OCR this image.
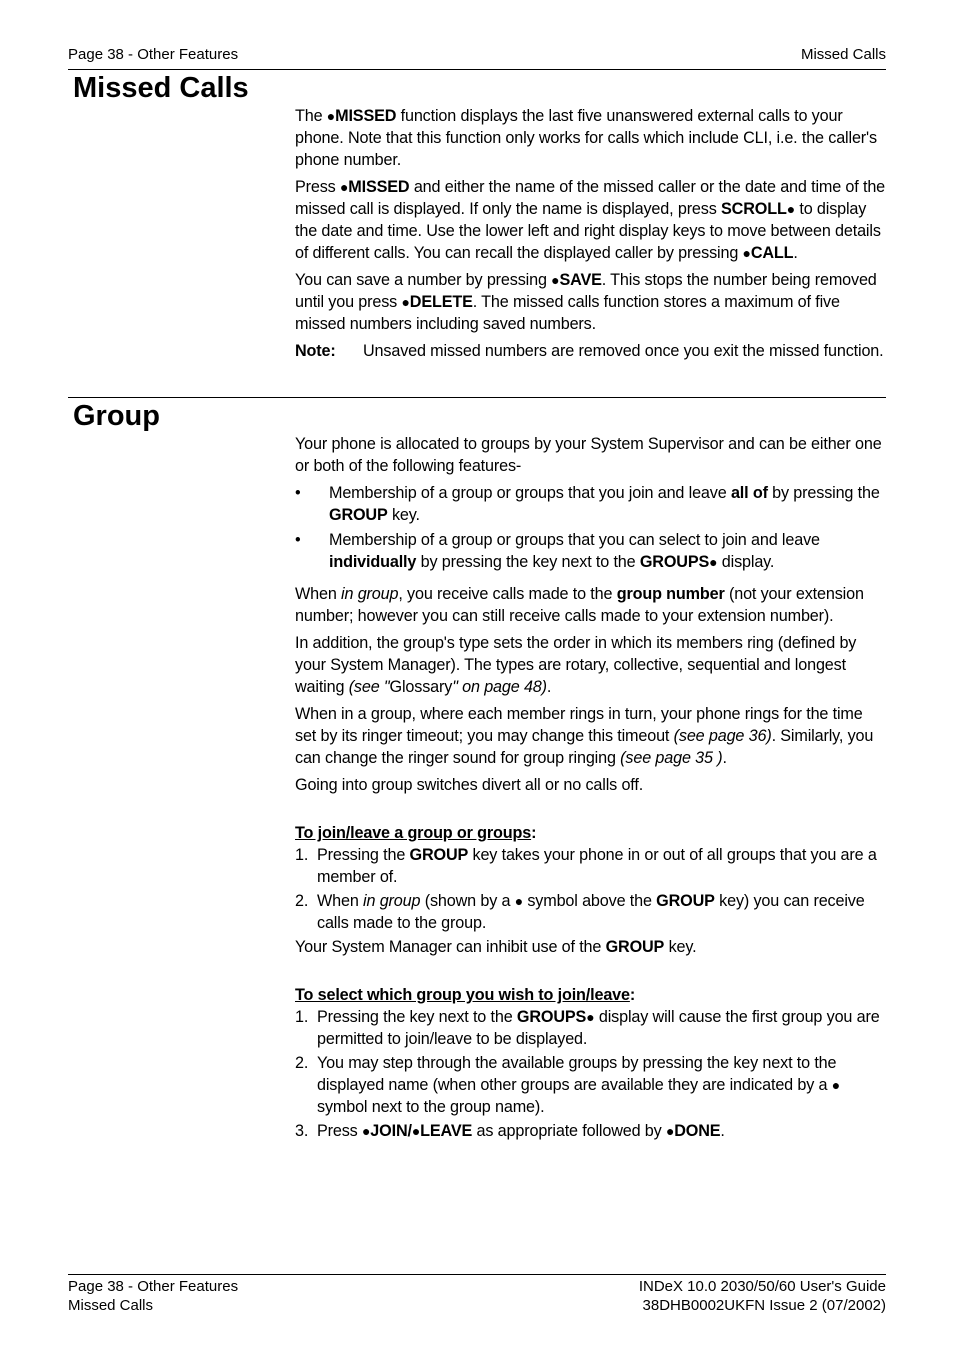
Page 38 - Other Features	Missed Calls
Missed Calls

The ●MISSED function displays the last five unanswered external calls to your phone. Note that this function only works for calls which include CLI, i.e. the caller's phone number.

Press ●MISSED and either the name of the missed caller or the date and time of the missed call is displayed. If only the name is displayed, press SCROLL● to display the date and time. Use the lower left and right display keys to move between details of different calls. You can recall the displayed caller by pressing ●CALL.

You can save a number by pressing ●SAVE. This stops the number being removed until you press ●DELETE. The missed calls function stores a maximum of five missed numbers including saved numbers.

Note:	Unsaved missed numbers are removed once you exit the missed function.
Group

Your phone is allocated to groups by your System Supervisor and can be either one or both of the following features-

• Membership of a group or groups that you join and leave all of by pressing the GROUP key.
• Membership of a group or groups that you can select to join and leave individually by pressing the key next to the GROUPS● display.

When in group, you receive calls made to the group number (not your extension number; however you can still receive calls made to your extension number).

In addition, the group's type sets the order in which its members ring (defined by your System Manager). The types are rotary, collective, sequential and longest waiting (see "Glossary" on page 48).

When in a group, where each member rings in turn, your phone rings for the time set by its ringer timeout; you may change this timeout (see page 36). Similarly, you can change the ringer sound for group ringing (see page 35 ).

Going into group switches divert all or no calls off.

To join/leave a group or groups:

1. Pressing the GROUP key takes your phone in or out of all groups that you are a member of.
2. When in group (shown by a ● symbol above the GROUP key) you can receive calls made to the group.

Your System Manager can inhibit use of the GROUP key.

To select which group you wish to join/leave:

1. Pressing the key next to the GROUPS● display will cause the first group you are permitted to join/leave to be displayed.
2. You may step through the available groups by pressing the key next to the displayed name (when other groups are available they are indicated by a ● symbol next to the group name).
3. Press ●JOIN/●LEAVE as appropriate followed by ●DONE.
Page 38 - Other Features
Missed Calls
INDeX 10.0 2030/50/60 User's Guide
38DHB0002UKFN Issue 2 (07/2002)
